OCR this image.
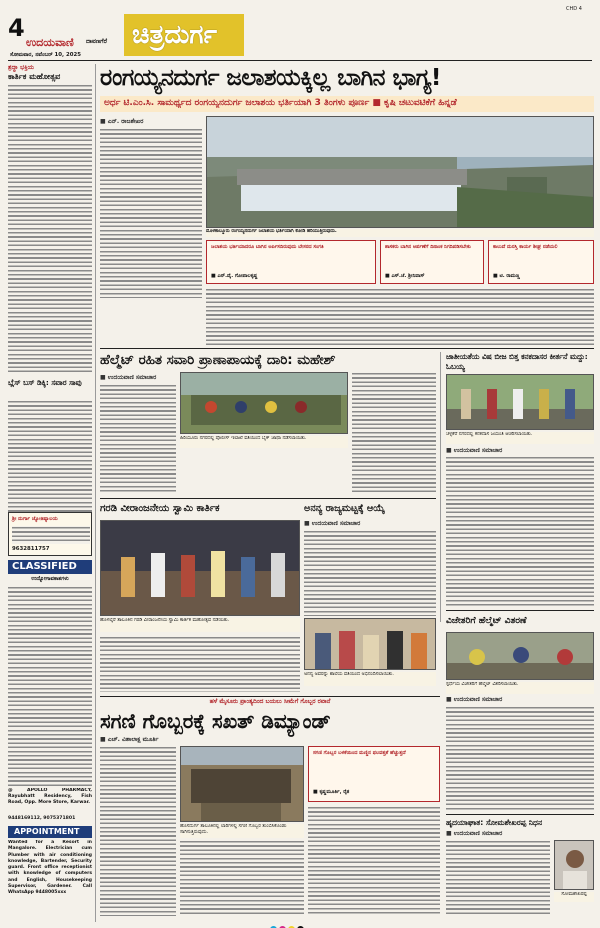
4
ಉದಯವಾಣಿ ದಾವಣಗೆರೆ
ಸೋಮವಾರ, ನವೆಂಬರ್ 10, 2025
ಚಿತ್ರದುರ್ಗ
CHD 4
ಶ್ರದ್ಧಾ ಭಕ್ತಿಯ
ಕಾರ್ತಿಕ ಮಹೋತ್ಸವ
ಬ್ಲೆಸ್ ಬಸ್ ಡಿಕ್ಕಿ: ಸವಾರ ಸಾವು
ಶ್ರೀ ದುರ್ಗಾ ಜ್ಯೋತಿಷ್ಯಾಲಯ
9632811757
CLASSIFIED
ಉದ್ಯೋಗಾವಕಾಶಗಳು
@ APOLLO PHARMACY, Rayubhatt Residency, Fish Road, Opp. More Store, Karwar.
9448169112, 9075371801
APPOINTMENT
Wanted for a Resort in Mangalore. Electrician cum Plumber with air conditioning knowledge, Bartender, Security guard. Front office receptionist with knowledge of computers and English, Housekeeping Supervisor, Gardener. Call WhatsApp 9448005xxx
ರಂಗಯ್ಯನದುರ್ಗ ಜಲಾಶಯಕ್ಕಿಲ್ಲ ಬಾಗಿನ ಭಾಗ್ಯ!
ಅರ್ಧ ಟಿ.ಎಂ.ಸಿ. ಸಾಮರ್ಥ್ಯದ ರಂಗಯ್ಯನದುರ್ಗ ಜಲಾಶಯ ಭರ್ತಿಯಾಗಿ 3 ತಿಂಗಳು ಪೂರ್ಣ ■ ಕೃಷಿ ಚಟುವಟಿಕೆಗೆ ಹಿನ್ನಡೆ
■ ಎನ್‌. ರಾಜಶೇಖರ
ಮೊಳಕಾಲ್ಮೂರು ರಂಗಯ್ಯನದುರ್ಗ ಜಲಾಶಯ ಭರ್ತಿಯಾಗಿ ಕೋಡಿ ಹರಿಯುತ್ತಿರುವುದು.
ಜಲಾಶಯ ಭರ್ತಿಯಾದರೂ ಬಾಗಿನ ಅರ್ಪಿಸದಿರುವುದು ಬೇಸರದ ಸಂಗತಿ
■ ಎನ್‌.ವೈ. ಗೋಪಾಲಕೃಷ್ಣ
ಶಾಸಕರು ಬಾಗಿನ ಅರ್ಪಣೆಗೆ ದಿನಾಂಕ ನಿಗದಿಪಡಿಸಬೇಕು
■ ಎಸ್‌.ಜೆ. ಶ್ರೀನಿವಾಸ್
ಕಾಲುವೆ ದುರಸ್ತಿ ಕಾರ್ಯ ಶೀಘ್ರ ನಡೆಯಲಿ
■ ಟಿ. ರಾಮಣ್ಣ
ಹೆಲ್ಮೆಟ್ ರಹಿತ ಸವಾರಿ ಪ್ರಾಣಾಪಾಯಕ್ಕೆ ದಾರಿ: ಮಹೇಶ್
■ ಉದಯವಾಣಿ ಸಮಾಚಾರ
ಹಿರಿಯೂರು ನಗರದಲ್ಲಿ ಪೊಲೀಸ್ ಇಲಾಖೆ ವತಿಯಿಂದ ಬೈಕ್ ಜಾಥಾ ನಡೆಸಲಾಯಿತು.
ಜಾತೀಯತೆಯ ವಿಷ ಬೀಜ ಬಿತ್ತ ಕನಕದಾಸರ ಕೀರ್ತನೆ ಮದ್ದು: ಓಬಯ್ಯ
ಚಳ್ಳಕೆರೆ ನಗರದಲ್ಲಿ ಕನಕದಾಸ ಜಯಂತಿ ಆಚರಿಸಲಾಯಿತು.
■ ಉದಯವಾಣಿ ಸಮಾಚಾರ
ಗರಡಿ ವೀರಾಂಜನೇಯ ಸ್ವಾಮಿ ಕಾರ್ತಿಕ
ಹೊಳಲ್ಕೆರೆ ತಾಲೂಕಿನ ಗರಡಿ ವೀರಾಂಜನೇಯ ಸ್ವಾಮಿ ಕಾರ್ತಿಕ ಮಹೋತ್ಸವ ನಡೆಯಿತು.
ಅನನ್ಯ ರಾಜ್ಯಮಟ್ಟಕ್ಕೆ ಆಯ್ಕೆ
■ ಉದಯವಾಣಿ ಸಮಾಚಾರ
ಅನನ್ಯ ಅವರನ್ನು ಶಾಲೆಯ ವತಿಯಿಂದ ಅಭಿನಂದಿಸಲಾಯಿತು.
ವಿಜೇತರಿಗೆ ಹೆಲ್ಮೆಟ್ ವಿತರಣೆ
ಸ್ಪರ್ಧೆಯ ವಿಜೇತರಿಗೆ ಹೆಲ್ಮೆಟ್ ವಿತರಿಸಲಾಯಿತು.
■ ಉದಯವಾಣಿ ಸಮಾಚಾರ
ಹಳೆ ಮೈಸೂರು ಪ್ರಾಂತ್ಯದಿಂದ ಬಯಲು ಸೀಮೆಗೆ ಗೊಬ್ಬರ ರವಾನೆ
ಸಗಣಿ ಗೊಬ್ಬರಕ್ಕೆ ಸಖತ್ ಡಿಮ್ಯಾಂಡ್
■ ಎಚ್‌. ವಿಶಾಲಾಕ್ಷ ಮೂರ್ತಿ
ಹೊಸದುರ್ಗ ತಾಲೂಕಿನಲ್ಲಿ ಲಾರಿಗಳಲ್ಲಿ ಸಗಣಿ ಗೊಬ್ಬರ ತುಂಬಿಸಿಕೊಂಡು ಸಾಗಿಸುತ್ತಿರುವುದು.
ಸಗಣಿ ಗೊಬ್ಬರ ಬಳಕೆಯಿಂದ ಮಣ್ಣಿನ ಫಲವತ್ತತೆ ಹೆಚ್ಚುತ್ತದೆ
■ ಕೃಷ್ಣಮೂರ್ತಿ, ರೈತ
ಹೃದಯಾಘಾತ: ಸೋಮಶೇಖರಪ್ಪ ನಿಧನ
■ ಉದಯವಾಣಿ ಸಮಾಚಾರ
ಸೋಮಶೇಖರಪ್ಪ
